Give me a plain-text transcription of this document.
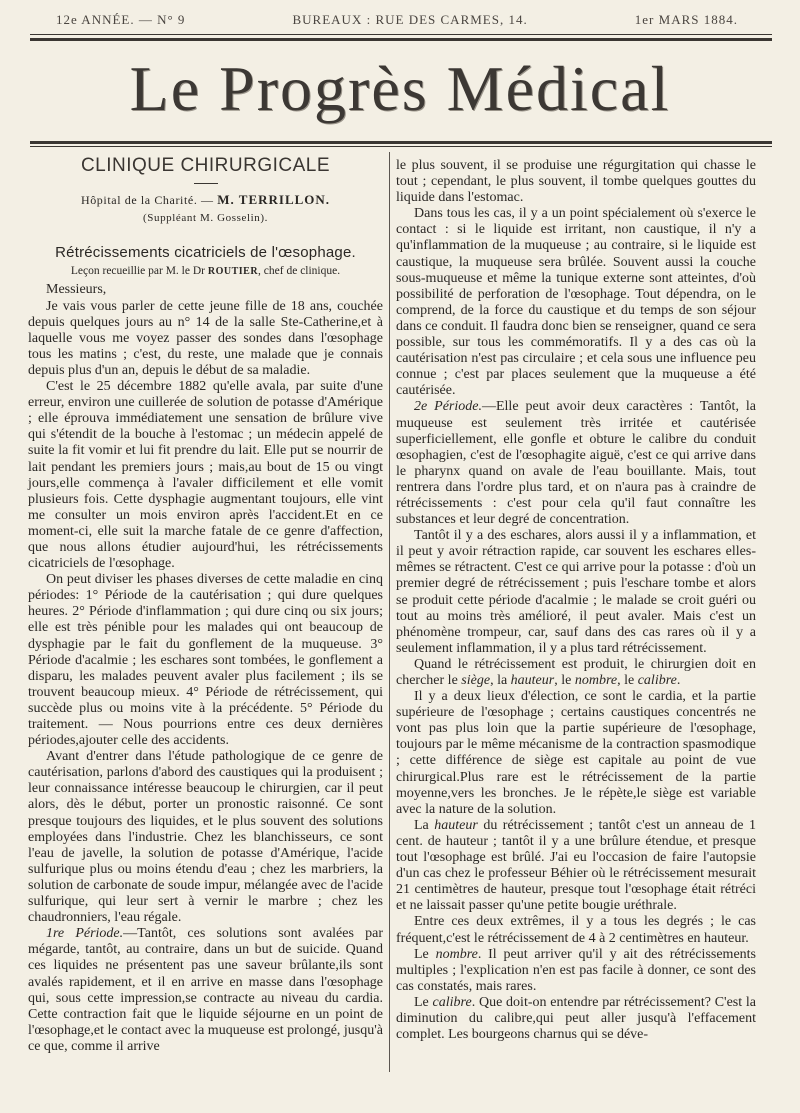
12e ANNÉE. — N° 9	BUREAUX : RUE DES CARMES, 14.	1er MARS 1884.
Le Progrès Médical
CLINIQUE CHIRURGICALE
Hôpital de la Charité. — M. TERRILLON.
(Suppléant M. Gosselin).
Rétrécissements cicatriciels de l'œsophage.
Leçon recueillie par M. le Dr ROUTIER, chef de clinique.

Messieurs,

Je vais vous parler de cette jeune fille de 18 ans, couchée depuis quelques jours au n° 14 de la salle Ste-Catherine,et à laquelle vous me voyez passer des sondes dans l'œsophage tous les matins ; c'est, du reste, une malade que je connais depuis plus d'un an, depuis le début de sa maladie.

C'est le 25 décembre 1882 qu'elle avala, par suite d'une erreur, environ une cuillerée de solution de potasse d'Amérique ; elle éprouva immédiatement une sensation de brûlure vive qui s'étendit de la bouche à l'estomac ; un médecin appelé de suite la fit vomir et lui fit prendre du lait. Elle put se nourrir de lait pendant les premiers jours ; mais,au bout de 15 ou vingt jours,elle commença à l'avaler difficilement et elle vomit plusieurs fois. Cette dysphagie augmentant toujours, elle vint me consulter un mois environ après l'accident.Et en ce moment-ci, elle suit la marche fatale de ce genre d'affection, que nous allons étudier aujourd'hui, les rétrécissements cicatriciels de l'œsophage.

On peut diviser les phases diverses de cette maladie en cinq périodes: 1° Période de la cautérisation ; qui dure quelques heures. 2° Période d'inflammation ; qui dure cinq ou six jours; elle est très pénible pour les malades qui ont beaucoup de dysphagie par le fait du gonflement de la muqueuse. 3° Période d'acalmie ; les eschares sont tombées, le gonflement a disparu, les malades peuvent avaler plus facilement ; ils se trouvent beaucoup mieux. 4° Période de rétrécissement, qui succède plus ou moins vite à la précédente. 5° Période du traitement. — Nous pourrions entre ces deux dernières périodes,ajouter celle des accidents.

Avant d'entrer dans l'étude pathologique de ce genre de cautérisation, parlons d'abord des caustiques qui la produisent ; leur connaissance intéresse beaucoup le chirurgien, car il peut alors, dès le début, porter un pronostic raisonné. Ce sont presque toujours des liquides, et le plus souvent des solutions employées dans l'industrie. Chez les blanchisseurs, ce sont l'eau de javelle, la solution de potasse d'Amérique, l'acide sulfurique plus ou moins étendu d'eau ; chez les marbriers, la solution de carbonate de soude impur, mélangée avec de l'acide sulfurique, qui leur sert à vernir le marbre ; chez les chaudronniers, l'eau régale.

1re Période.—Tantôt, ces solutions sont avalées par mégarde, tantôt, au contraire, dans un but de suicide. Quand ces liquides ne présentent pas une saveur brûlante,ils sont avalés rapidement, et il en arrive en masse dans l'œsophage qui, sous cette impression,se contracte au niveau du cardia. Cette contraction fait que le liquide séjourne en un point de l'œsophage,et le contact avec la muqueuse est prolongé, jusqu'à ce que, comme il arrive

le plus souvent, il se produise une régurgitation qui chasse le tout ; cependant, le plus souvent, il tombe quelques gouttes du liquide dans l'estomac.

Dans tous les cas, il y a un point spécialement où s'exerce le contact : si le liquide est irritant, non caustique, il n'y a qu'inflammation de la muqueuse ; au contraire, si le liquide est caustique, la muqueuse sera brûlée. Souvent aussi la couche sous-muqueuse et même la tunique externe sont atteintes, d'où possibilité de perforation de l'œsophage. Tout dépendra, on le comprend, de la force du caustique et du temps de son séjour dans ce conduit. Il faudra donc bien se renseigner, quand ce sera possible, sur tous les commémoratifs. Il y a des cas où la cautérisation n'est pas circulaire ; et cela sous une influence peu connue ; c'est par places seulement que la muqueuse a été cautérisée.

2e Période.—Elle peut avoir deux caractères : Tantôt, la muqueuse est seulement très irritée et cautérisée superficiellement, elle gonfle et obture le calibre du conduit œsophagien, c'est de l'œsophagite aiguë, c'est ce qui arrive dans le pharynx quand on avale de l'eau bouillante. Mais, tout rentrera dans l'ordre plus tard, et on n'aura pas à craindre de rétrécissements : c'est pour cela qu'il faut connaître les substances et leur degré de concentration.

Tantôt il y a des eschares, alors aussi il y a inflammation, et il peut y avoir rétraction rapide, car souvent les eschares elles-mêmes se rétractent. C'est ce qui arrive pour la potasse : d'où un premier degré de rétrécissement ; puis l'eschare tombe et alors se produit cette période d'acalmie ; le malade se croit guéri ou tout au moins très amélioré, il peut avaler. Mais c'est un phénomène trompeur, car, sauf dans des cas rares où il y a seulement inflammation, il y a plus tard rétrécissement.

Quand le rétrécissement est produit, le chirurgien doit en chercher le siège, la hauteur, le nombre, le calibre.

Il y a deux lieux d'élection, ce sont le cardia, et la partie supérieure de l'œsophage ; certains caustiques concentrés ne vont pas plus loin que la partie supérieure de l'œsophage, toujours par le même mécanisme de la contraction spasmodique ; cette différence de siège est capitale au point de vue chirurgical.Plus rare est le rétrécissement de la partie moyenne,vers les bronches. Je le répète,le siège est variable avec la nature de la solution.

La hauteur du rétrécissement ; tantôt c'est un anneau de 1 cent. de hauteur ; tantôt il y a une brûlure étendue, et presque tout l'œsophage est brûlé. J'ai eu l'occasion de faire l'autopsie d'un cas chez le professeur Béhier où le rétrécissement mesurait 21 centimètres de hauteur, presque tout l'œsophage était rétréci et ne laissait passer qu'une petite bougie uréthrale.

Entre ces deux extrêmes, il y a tous les degrés ; le cas fréquent,c'est le rétrécissement de 4 à 2 centimètres en hauteur.

Le nombre. Il peut arriver qu'il y ait des rétrécissements multiples ; l'explication n'en est pas facile à donner, ce sont des cas constatés, mais rares.

Le calibre. Que doit-on entendre par rétrécissement? C'est la diminution du calibre,qui peut aller jusqu'à l'effacement complet. Les bourgeons charnus qui se déve-
